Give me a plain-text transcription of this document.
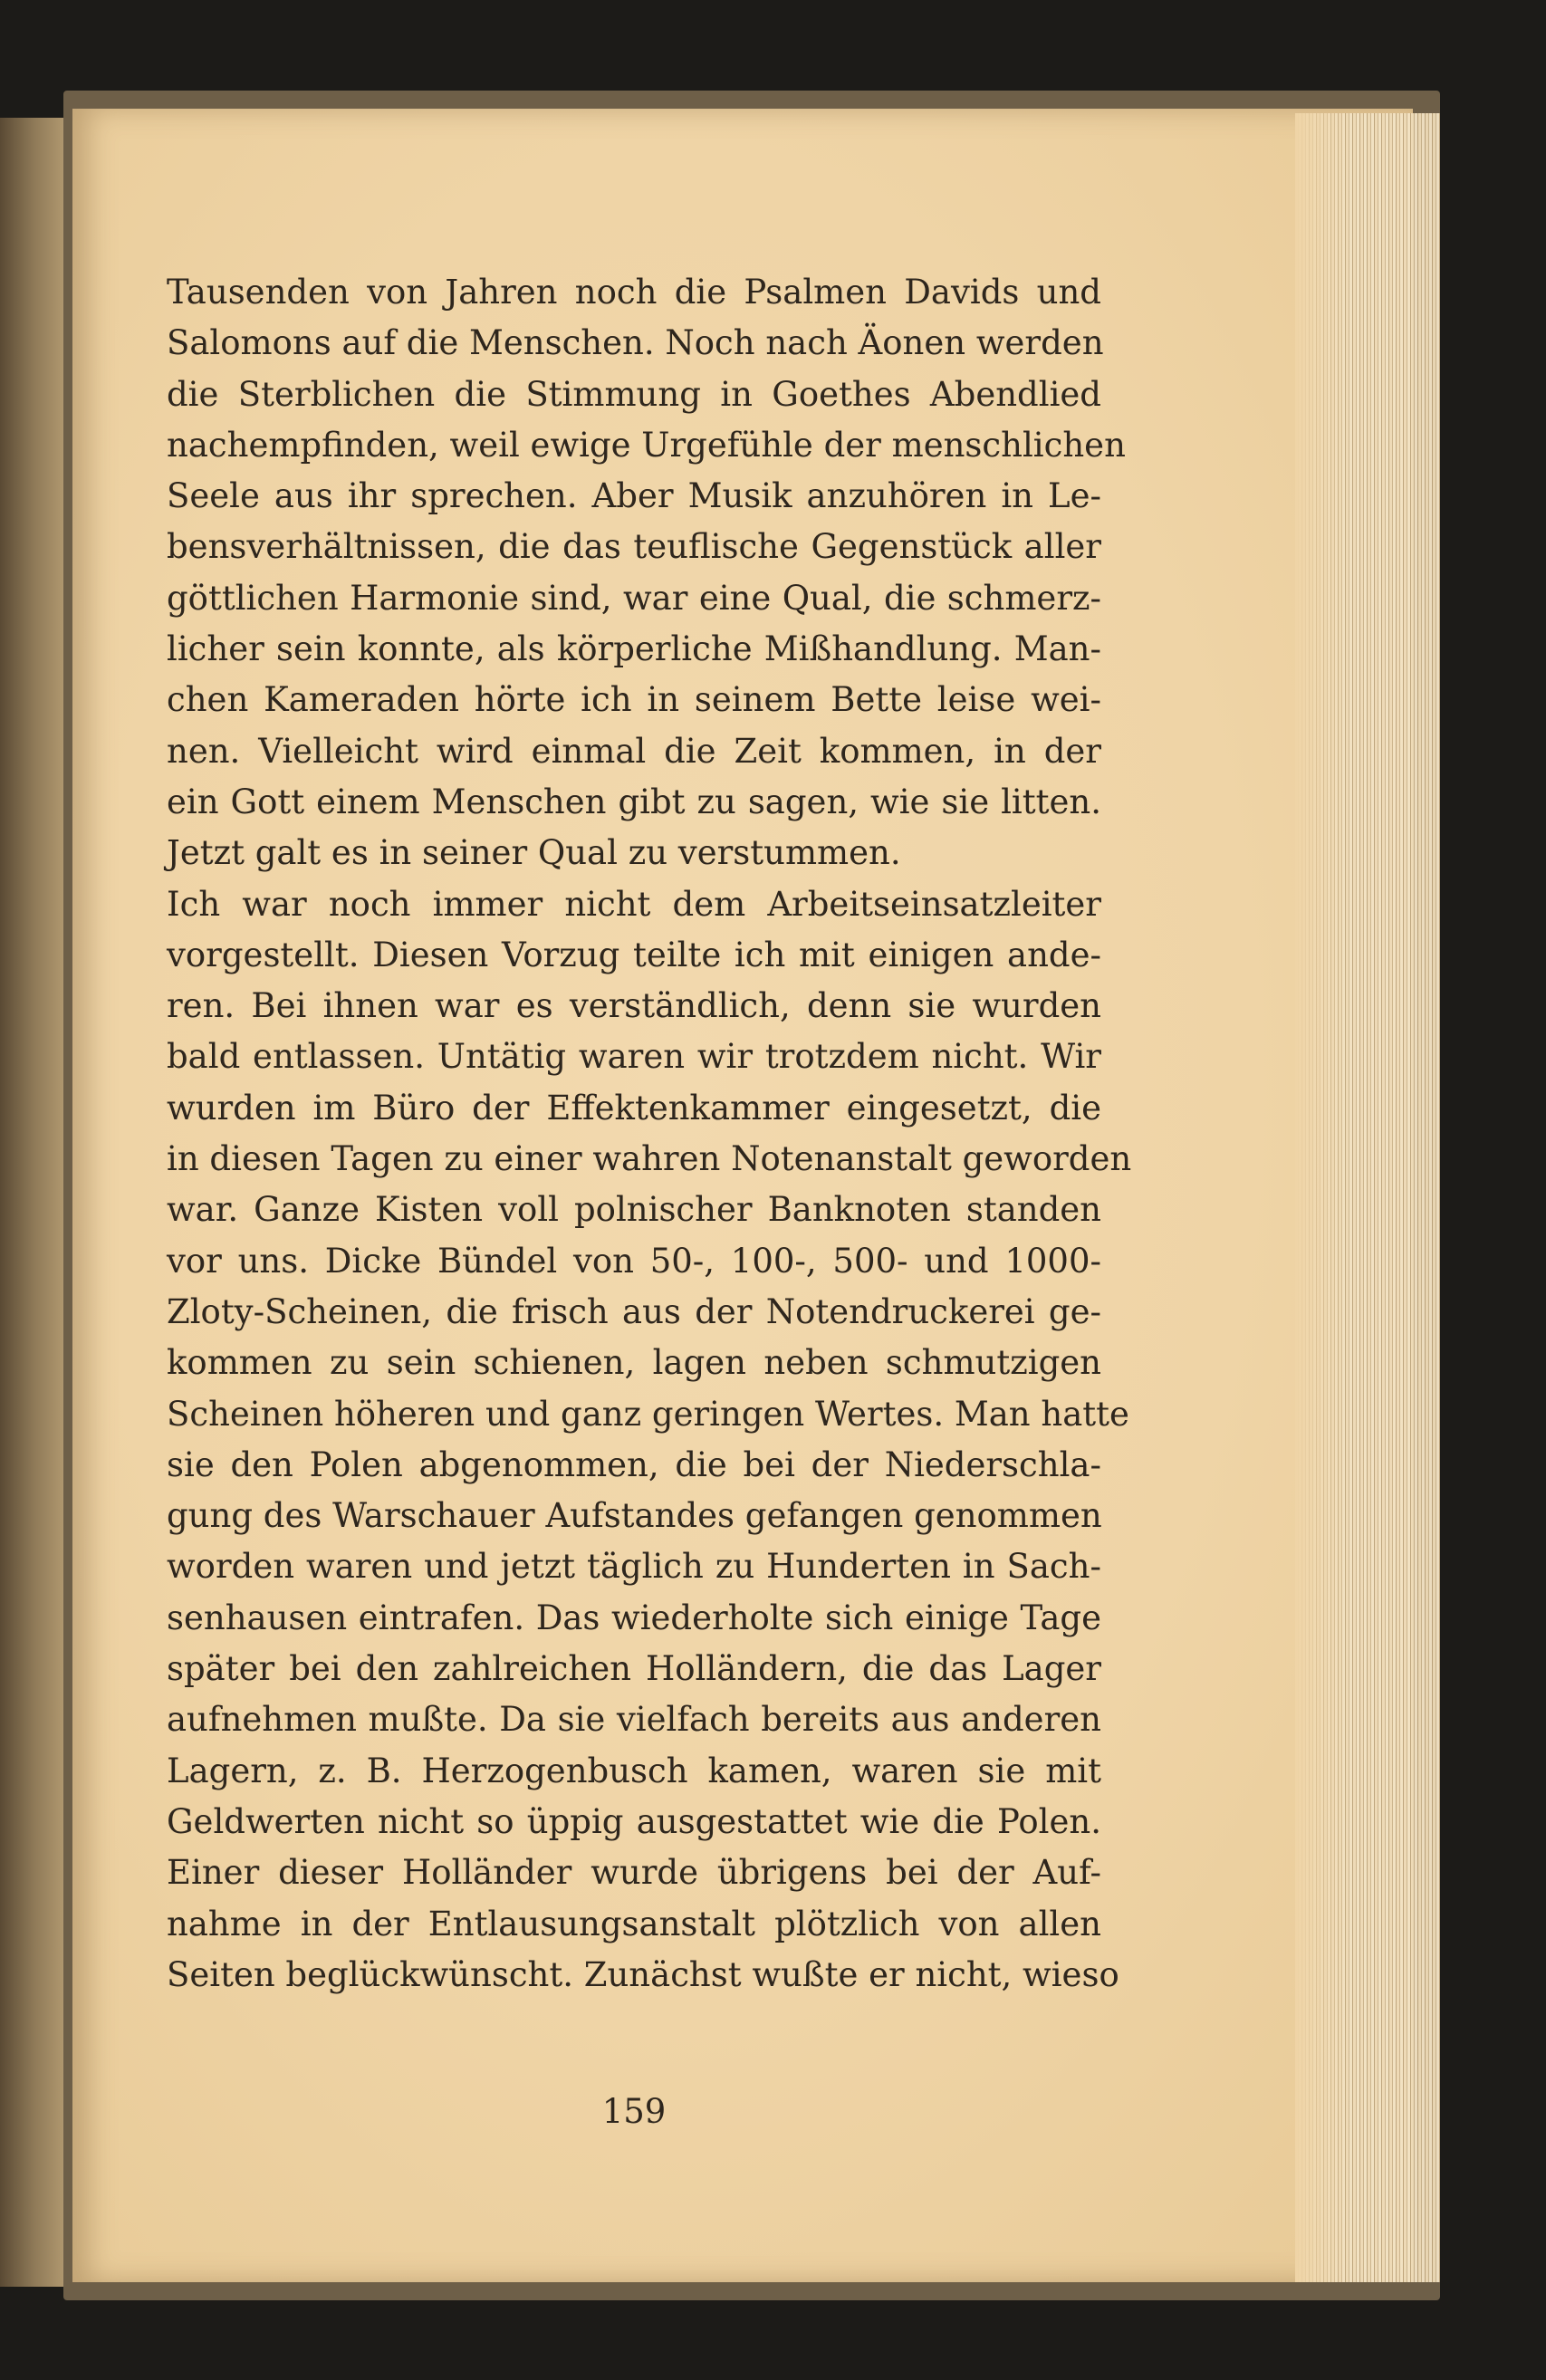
Tausenden von Jahren noch die Psalmen Davids und
Salomons auf die Menschen. Noch nach Äonen werden
die Sterblichen die Stimmung in Goethes Abendlied
nachempfinden, weil ewige Urgefühle der menschlichen
Seele aus ihr sprechen. Aber Musik anzuhören in Le-
bensverhältnissen, die das teuflische Gegenstück aller
göttlichen Harmonie sind, war eine Qual, die schmerz-
licher sein konnte, als körperliche Mißhandlung. Man-
chen Kameraden hörte ich in seinem Bette leise wei-
nen. Vielleicht wird einmal die Zeit kommen, in der
ein Gott einem Menschen gibt zu sagen, wie sie litten.
Jetzt galt es in seiner Qual zu verstummen.
Ich war noch immer nicht dem Arbeitseinsatzleiter
vorgestellt. Diesen Vorzug teilte ich mit einigen ande-
ren. Bei ihnen war es verständlich, denn sie wurden
bald entlassen. Untätig waren wir trotzdem nicht. Wir
wurden im Büro der Effektenkammer eingesetzt, die
in diesen Tagen zu einer wahren Notenanstalt geworden
war. Ganze Kisten voll polnischer Banknoten standen
vor uns. Dicke Bündel von 50-, 100-, 500- und 1000-
Zloty-Scheinen, die frisch aus der Notendruckerei ge-
kommen zu sein schienen, lagen neben schmutzigen
Scheinen höheren und ganz geringen Wertes. Man hatte
sie den Polen abgenommen, die bei der Niederschla-
gung des Warschauer Aufstandes gefangen genommen
worden waren und jetzt täglich zu Hunderten in Sach-
senhausen eintrafen. Das wiederholte sich einige Tage
später bei den zahlreichen Holländern, die das Lager
aufnehmen mußte. Da sie vielfach bereits aus anderen
Lagern, z. B. Herzogenbusch kamen, waren sie mit
Geldwerten nicht so üppig ausgestattet wie die Polen.
Einer dieser Holländer wurde übrigens bei der Auf-
nahme in der Entlausungsanstalt plötzlich von allen
Seiten beglückwünscht. Zunächst wußte er nicht, wieso
159
